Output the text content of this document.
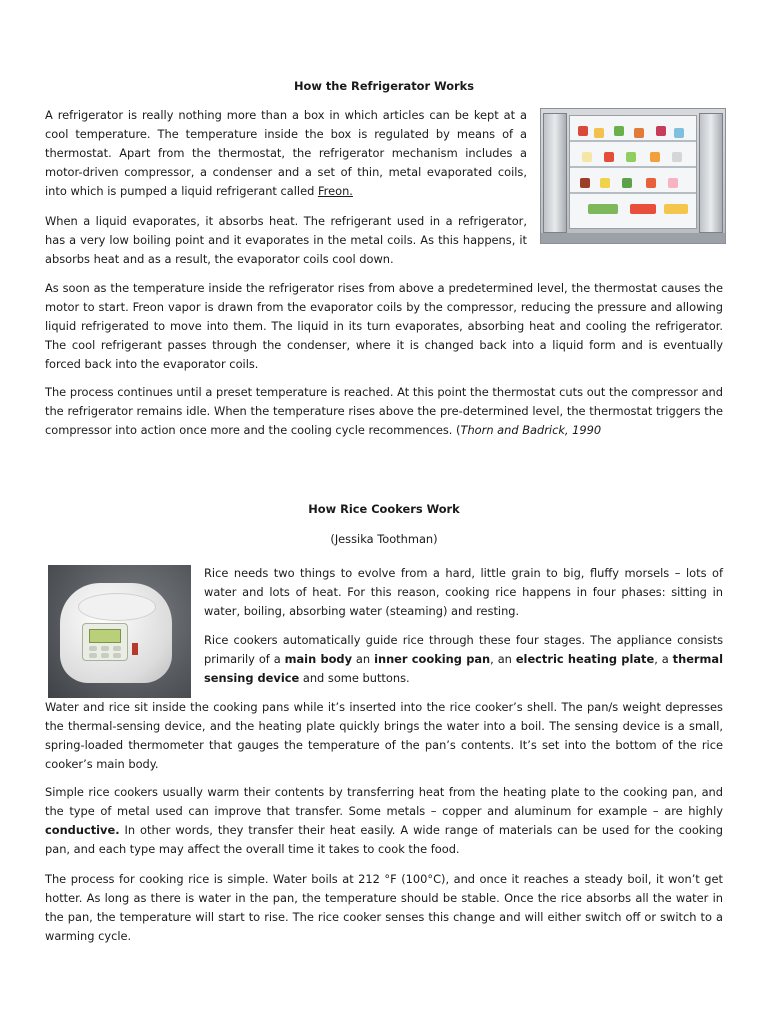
How the Refrigerator Works

A refrigerator is really nothing more than a box in which articles can be kept at a cool temperature. The temperature inside the box is regulated by means of a thermostat. Apart from the thermostat, the refrigerator mechanism includes a motor-driven compressor, a condenser and a set of thin, metal evaporated coils, into which is pumped a liquid refrigerant called Freon.

When a liquid evaporates, it absorbs heat. The refrigerant used in a refrigerator, has a very low boiling point and it evaporates in the metal coils. As this happens, it absorbs heat and as a result, the evaporator coils cool down.

As soon as the temperature inside the refrigerator rises from above a predetermined level, the thermostat causes the motor to start. Freon vapor is drawn from the evaporator coils by the compressor, reducing the pressure and allowing liquid refrigerated to move into them. The liquid in its turn evaporates, absorbing heat and cooling the refrigerator. The cool refrigerant passes through the condenser, where it is changed back into a liquid form and is eventually forced back into the evaporator coils.

The process continues until a preset temperature is reached. At this point the thermostat cuts out the compressor and the refrigerator remains idle. When the temperature rises above the pre-determined level, the thermostat triggers the compressor into action once more and the cooling cycle recommences. (Thorn and Badrick, 1990

How Rice Cookers Work

(Jessika Toothman)

Rice needs two things to evolve from a hard, little grain to big, fluffy morsels – lots of water and lots of heat. For this reason, cooking rice happens in four phases: sitting in water, boiling, absorbing water (steaming) and resting.

Rice cookers automatically guide rice through these four stages. The appliance consists primarily of a main body an inner cooking pan, an electric heating plate, a thermal sensing device and some buttons.

Water and rice sit inside the cooking pans while it’s inserted into the rice cooker’s shell. The pan/s weight depresses the thermal-sensing device, and the heating plate quickly brings the water into a boil. The sensing device is a small, spring-loaded thermometer that gauges the temperature of the pan’s contents. It’s set into the bottom of the rice cooker’s main body.

Simple rice cookers usually warm their contents by transferring heat from the heating plate to the cooking pan, and the type of metal used can improve that transfer. Some metals – copper and aluminum for example – are highly conductive. In other words, they transfer their heat easily. A wide range of materials can be used for the cooking pan, and each type may affect the overall time it takes to cook the food.

The process for cooking rice is simple. Water boils at 212 °F (100°C), and once it reaches a steady boil, it won’t get hotter. As long as there is water in the pan, the temperature should be stable. Once the rice absorbs all the water in the pan, the temperature will start to rise. The rice cooker senses this change and will either switch off or switch to a warming cycle.
